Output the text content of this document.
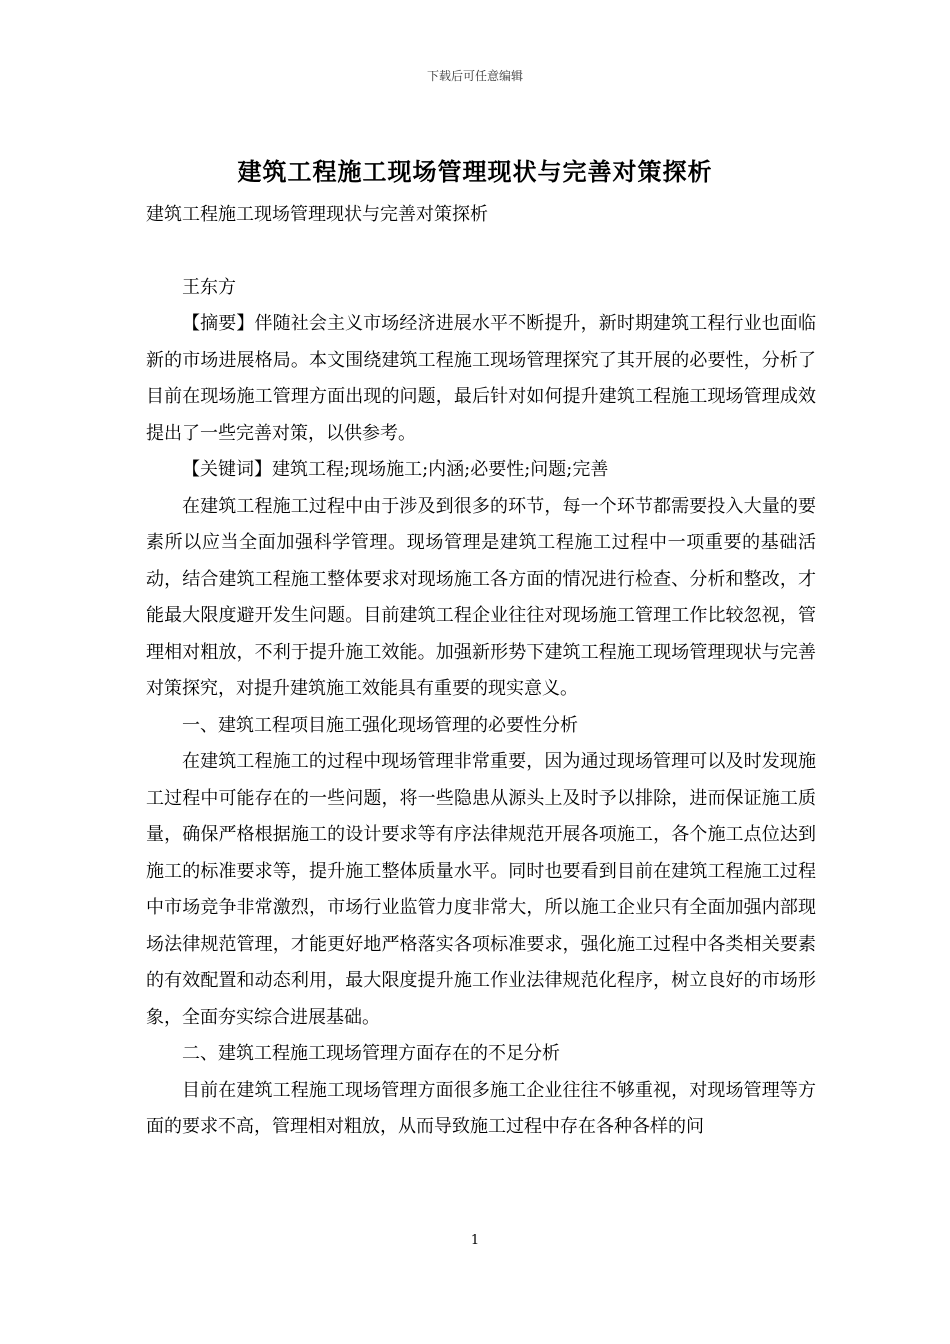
下载后可任意编辑
建筑工程施工现场管理现状与完善对策探析

建筑工程施工现场管理现状与完善对策探析

王东方

【摘要】伴随社会主义市场经济进展水平不断提升，新时期建筑工程行业也面临新的市场进展格局。本文围绕建筑工程施工现场管理探究了其开展的必要性，分析了目前在现场施工管理方面出现的问题，最后针对如何提升建筑工程施工现场管理成效提出了一些完善对策，以供参考。

【关键词】建筑工程;现场施工;内涵;必要性;问题;完善

在建筑工程施工过程中由于涉及到很多的环节，每一个环节都需要投入大量的要素所以应当全面加强科学管理。现场管理是建筑工程施工过程中一项重要的基础活动，结合建筑工程施工整体要求对现场施工各方面的情况进行检查、分析和整改，才能最大限度避开发生问题。目前建筑工程企业往往对现场施工管理工作比较忽视，管理相对粗放，不利于提升施工效能。加强新形势下建筑工程施工现场管理现状与完善对策探究，对提升建筑施工效能具有重要的现实意义。

一、建筑工程项目施工强化现场管理的必要性分析

在建筑工程施工的过程中现场管理非常重要，因为通过现场管理可以及时发现施工过程中可能存在的一些问题，将一些隐患从源头上及时予以排除，进而保证施工质量，确保严格根据施工的设计要求等有序法律规范开展各项施工，各个施工点位达到施工的标准要求等，提升施工整体质量水平。同时也要看到目前在建筑工程施工过程中市场竞争非常激烈，市场行业监管力度非常大，所以施工企业只有全面加强内部现场法律规范管理，才能更好地严格落实各项标准要求，强化施工过程中各类相关要素的有效配置和动态利用，最大限度提升施工作业法律规范化程序，树立良好的市场形象，全面夯实综合进展基础。

二、建筑工程施工现场管理方面存在的不足分析

目前在建筑工程施工现场管理方面很多施工企业往往不够重视，对现场管理等方面的要求不高，管理相对粗放，从而导致施工过程中存在各种各样的问

1
